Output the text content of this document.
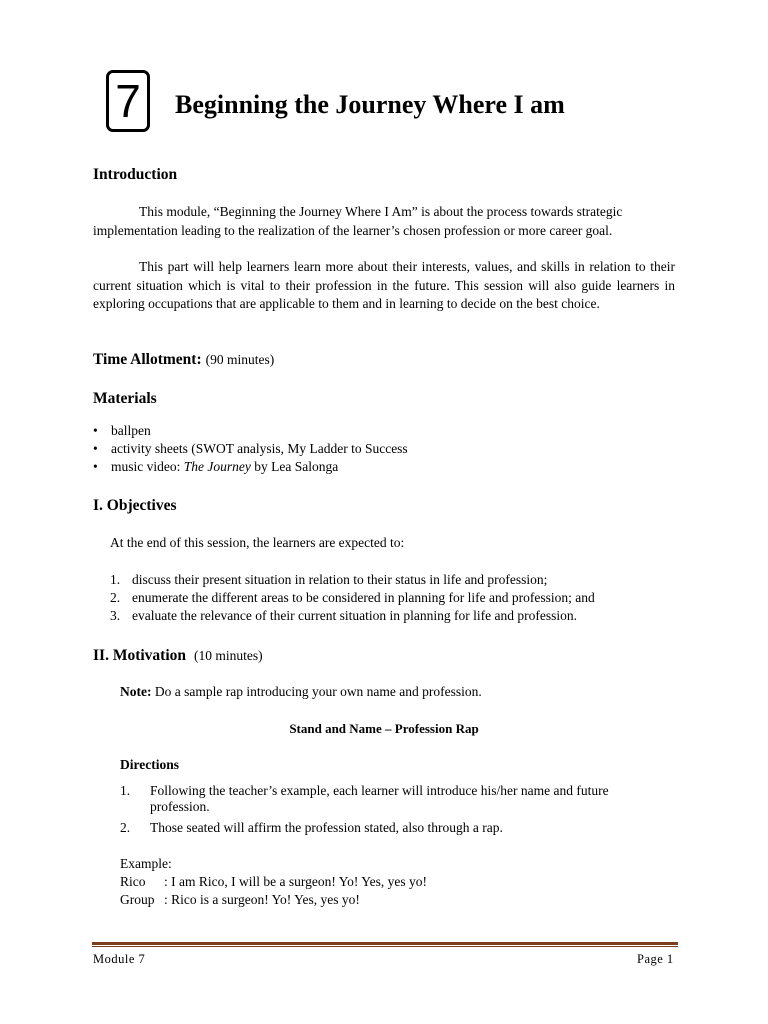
7	Beginning the Journey Where I am
Introduction
This module, “Beginning the Journey Where I Am” is about the process towards strategic
implementation leading to the realization of the learner’s chosen profession or more career goal.
This part will help learners learn more about their interests, values, and skills in relation to their current situation which is vital to their profession in the future. This session will also guide learners in exploring occupations that are applicable to them and in learning to decide on the best choice.
Time Allotment: (90 minutes)
Materials
• ballpen
• activity sheets (SWOT analysis, My Ladder to Success
• music video: The Journey by Lea Salonga
I. Objectives
At the end of this session, the learners are expected to:
1. discuss their present situation in relation to their status in life and profession;
2. enumerate the different areas to be considered in planning for life and profession; and
3. evaluate the relevance of their current situation in planning for life and profession.
II. Motivation (10 minutes)
Note: Do a sample rap introducing your own name and profession.
Stand and Name – Profession Rap
Directions
1. Following the teacher’s example, each learner will introduce his/her name and future
profession.
2. Those seated will affirm the profession stated, also through a rap.
Example:
Rico : I am Rico, I will be a surgeon! Yo! Yes, yes yo!
Group : Rico is a surgeon! Yo! Yes, yes yo!
Module 7	Page 1
